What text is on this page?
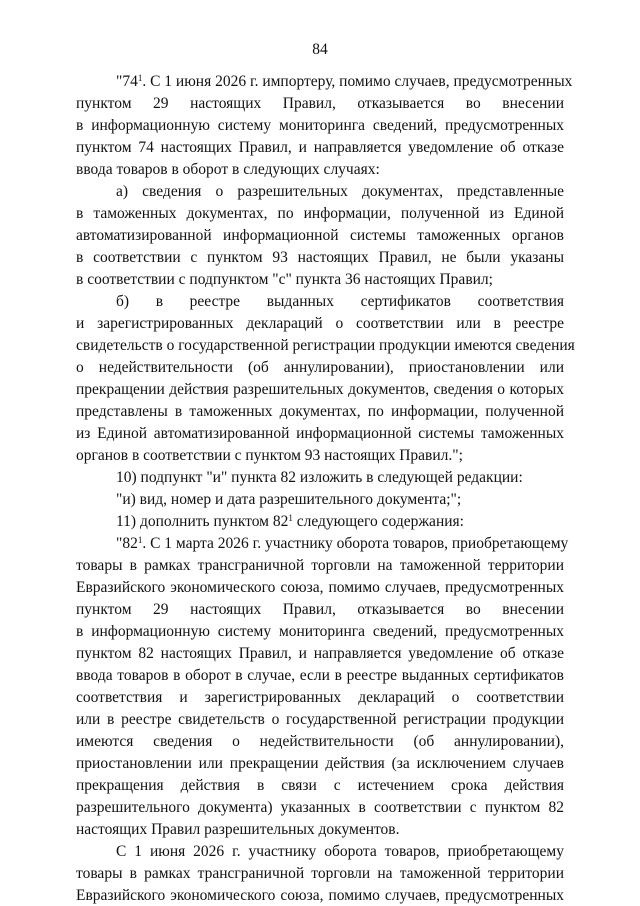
84
"$74^1$. С 1 июня 2026 г. импортеру, помимо случаев, предусмотренных
пунктом 29 настоящих Правил, отказывается во внесении
в информационную систему мониторинга сведений, предусмотренных
пунктом 74 настоящих Правил, и направляется уведомление об отказе
ввода товаров в оборот в следующих случаях:
а) сведения о разрешительных документах, представленные
в таможенных документах, по информации, полученной из Единой
автоматизированной информационной системы таможенных органов
в соответствии с пунктом 93 настоящих Правил, не были указаны
в соответствии с подпунктом "с" пункта 36 настоящих Правил;
б) в реестре выданных сертификатов соответствия
и зарегистрированных деклараций о соответствии или в реестре
свидетельств о государственной регистрации продукции имеются сведения
о недействительности (об аннулировании), приостановлении или
прекращении действия разрешительных документов, сведения о которых
представлены в таможенных документах, по информации, полученной
из Единой автоматизированной информационной системы таможенных
органов в соответствии с пунктом 93 настоящих Правил.";
10) подпункт "и" пункта 82 изложить в следующей редакции:
"и) вид, номер и дата разрешительного документа;";
11) дополнить пунктом $82^1$ следующего содержания:
"$82^1$. С 1 марта 2026 г. участнику оборота товаров, приобретающему
товары в рамках трансграничной торговли на таможенной территории
Евразийского экономического союза, помимо случаев, предусмотренных
пунктом 29 настоящих Правил, отказывается во внесении
в информационную систему мониторинга сведений, предусмотренных
пунктом 82 настоящих Правил, и направляется уведомление об отказе
ввода товаров в оборот в случае, если в реестре выданных сертификатов
соответствия и зарегистрированных деклараций о соответствии
или в реестре свидетельств о государственной регистрации продукции
имеются сведения о недействительности (об аннулировании),
приостановлении или прекращении действия (за исключением случаев
прекращения действия в связи с истечением срока действия
разрешительного документа) указанных в соответствии с пунктом 82
настоящих Правил разрешительных документов.
С 1 июня 2026 г. участнику оборота товаров, приобретающему
товары в рамках трансграничной торговли на таможенной территории
Евразийского экономического союза, помимо случаев, предусмотренных
